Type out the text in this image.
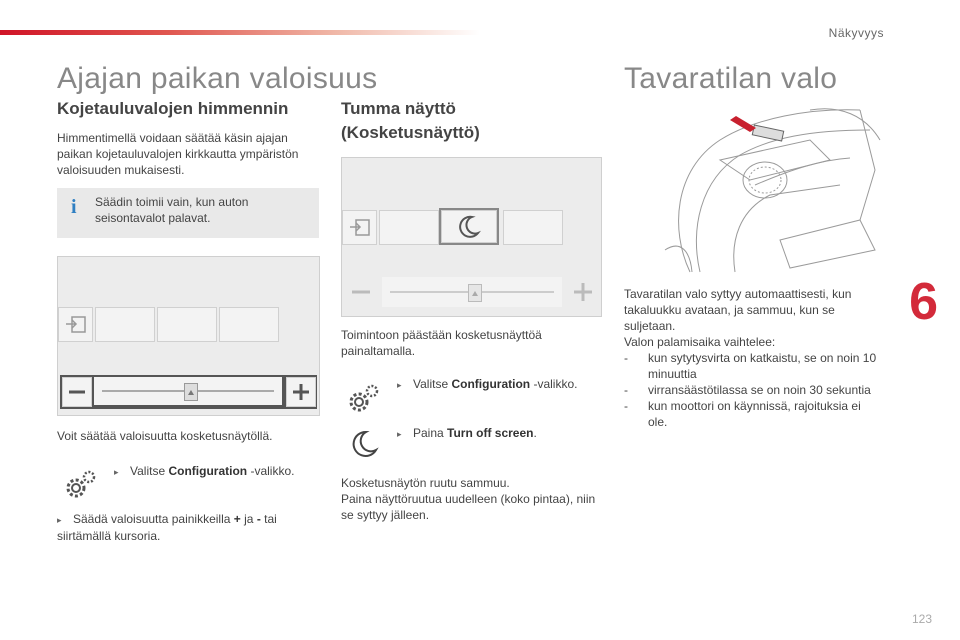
Näkyvyys
6
123
Ajajan paikan valoisuus
Kojetauluvalojen himmennin
Himmentimellä voidaan säätää käsin ajajan paikan kojetauluvalojen kirkkautta ympäristön valoisuuden mukaisesti.
i	Säädin toimii vain, kun auton seisontavalot palavat.
Voit säätää valoisuutta kosketusnäytöllä.
▸ Valitse Configuration -valikko.
▸ Säädä valoisuutta painikkeilla + ja - tai siirtämällä kursoria.
Tumma näyttö
(Kosketusnäyttö)
Toimintoon päästään kosketusnäyttöä painaltamalla.
▸ Valitse Configuration -valikko.
▸ Paina Turn off screen.
Kosketusnäytön ruutu sammuu.
Paina näyttöruutua uudelleen (koko pintaa), niin se syttyy jälleen.
Tavaratilan valo
Tavaratilan valo syttyy automaattisesti, kun takaluukku avataan, ja sammuu, kun se suljetaan.
Valon palamisaika vaihtelee:
- kun sytytysvirta on katkaistu, se on noin 10 minuuttia
- virransäästötilassa se on noin 30 sekuntia
- kun moottori on käynnissä, rajoituksia ei ole.
